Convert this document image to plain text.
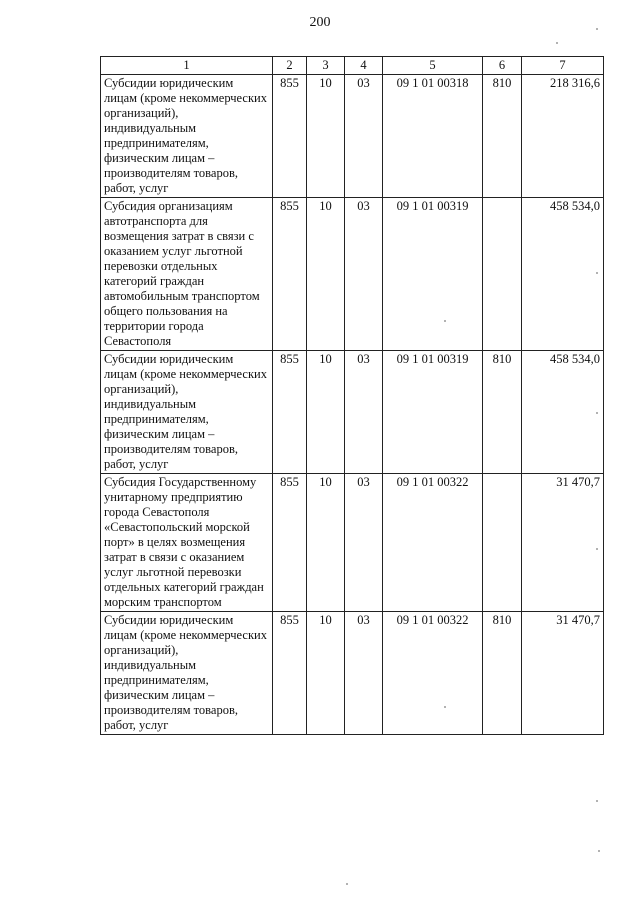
200
1	2	3	4	5	6	7
Субсидии юридическим лицам (кроме некоммерческих организаций), индивидуальным предпринимателям, физическим лицам – производителям товаров, работ, услуг	855	10	03	09 1 01 00318	810	218 316,6
Субсидия организациям автотранспорта для возмещения затрат в связи с оказанием услуг льготной перевозки отдельных категорий граждан автомобильным транспортом общего пользования на территории города Севастополя	855	10	03	09 1 01 00319		458 534,0
Субсидии юридическим лицам (кроме некоммерческих организаций), индивидуальным предпринимателям, физическим лицам – производителям товаров, работ, услуг	855	10	03	09 1 01 00319	810	458 534,0
Субсидия Государственному унитарному предприятию города Севастополя «Севастопольский морской порт» в целях возмещения затрат в связи с оказанием услуг льготной перевозки отдельных категорий граждан морским транспортом	855	10	03	09 1 01 00322		31 470,7
Субсидии юридическим лицам (кроме некоммерческих организаций), индивидуальным предпринимателям, физическим лицам – производителям товаров, работ, услуг	855	10	03	09 1 01 00322	810	31 470,7
